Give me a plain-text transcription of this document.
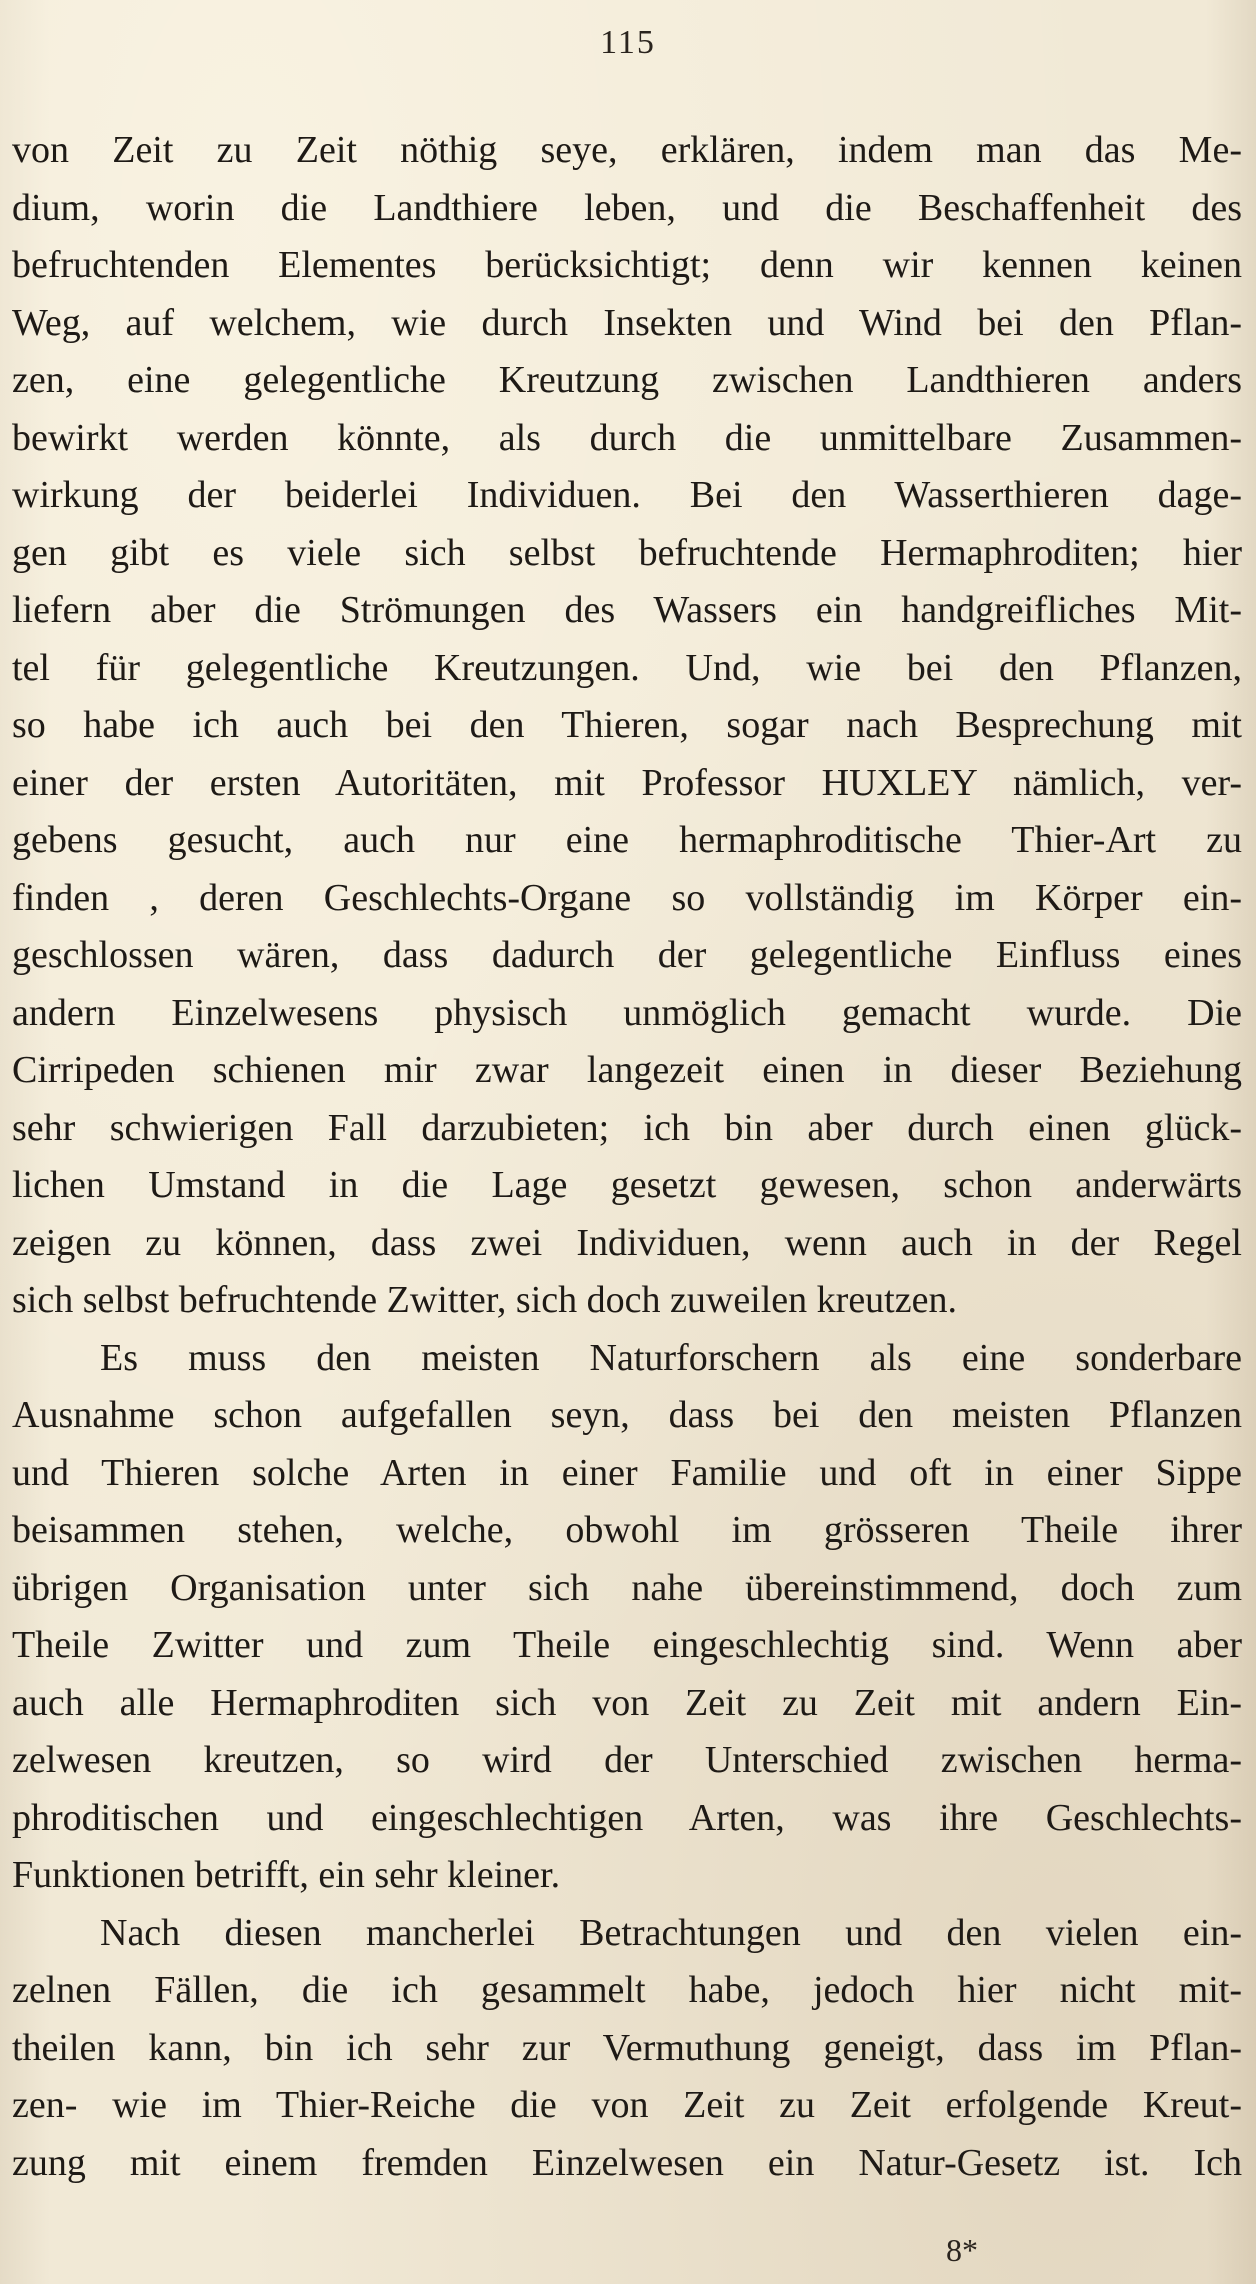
115
von Zeit zu Zeit nöthig seye, erklären, indem man das Me-
dium, worin die Landthiere leben, und die Beschaffenheit des
befruchtenden Elementes berücksichtigt; denn wir kennen keinen
Weg, auf welchem, wie durch Insekten und Wind bei den Pflan-
zen, eine gelegentliche Kreutzung zwischen Landthieren anders
bewirkt werden könnte, als durch die unmittelbare Zusammen-
wirkung der beiderlei Individuen. Bei den Wasserthieren dage-
gen gibt es viele sich selbst befruchtende Hermaphroditen; hier
liefern aber die Strömungen des Wassers ein handgreifliches Mit-
tel für gelegentliche Kreutzungen. Und, wie bei den Pflanzen,
so habe ich auch bei den Thieren, sogar nach Besprechung mit
einer der ersten Autoritäten, mit Professor HUXLEY nämlich, ver-
gebens gesucht, auch nur eine hermaphroditische Thier-Art zu
finden , deren Geschlechts-Organe so vollständig im Körper ein-
geschlossen wären, dass dadurch der gelegentliche Einfluss eines
andern Einzelwesens physisch unmöglich gemacht wurde. Die
Cirripeden schienen mir zwar langezeit einen in dieser Beziehung
sehr schwierigen Fall darzubieten; ich bin aber durch einen glück-
lichen Umstand in die Lage gesetzt gewesen, schon anderwärts
zeigen zu können, dass zwei Individuen, wenn auch in der Regel
sich selbst befruchtende Zwitter, sich doch zuweilen kreutzen.
Es muss den meisten Naturforschern als eine sonderbare
Ausnahme schon aufgefallen seyn, dass bei den meisten Pflanzen
und Thieren solche Arten in einer Familie und oft in einer Sippe
beisammen stehen, welche, obwohl im grösseren Theile ihrer
übrigen Organisation unter sich nahe übereinstimmend, doch zum
Theile Zwitter und zum Theile eingeschlechtig sind. Wenn aber
auch alle Hermaphroditen sich von Zeit zu Zeit mit andern Ein-
zelwesen kreutzen, so wird der Unterschied zwischen herma-
phroditischen und eingeschlechtigen Arten, was ihre Geschlechts-
Funktionen betrifft, ein sehr kleiner.
Nach diesen mancherlei Betrachtungen und den vielen ein-
zelnen Fällen, die ich gesammelt habe, jedoch hier nicht mit-
theilen kann, bin ich sehr zur Vermuthung geneigt, dass im Pflan-
zen- wie im Thier-Reiche die von Zeit zu Zeit erfolgende Kreut-
zung mit einem fremden Einzelwesen ein Natur-Gesetz ist. Ich
8*
